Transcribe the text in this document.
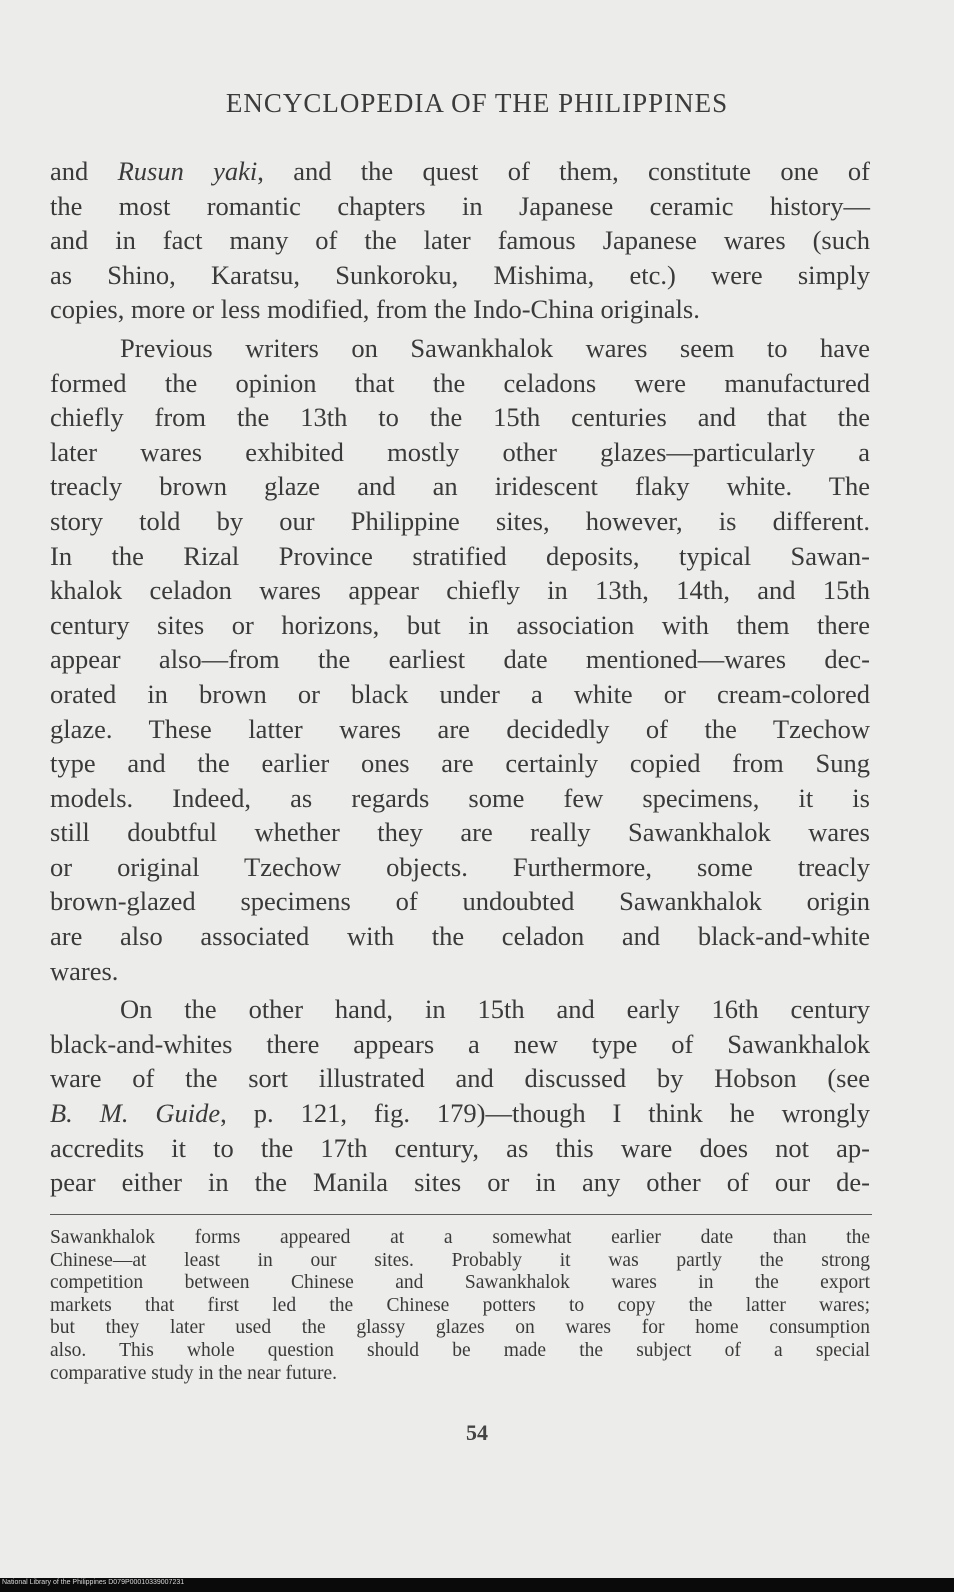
ENCYCLOPEDIA OF THE PHILIPPINES
and Rusun yaki, and the quest of them, constitute one of
the most romantic chapters in Japanese ceramic history—
and in fact many of the later famous Japanese wares (such
as Shino, Karatsu, Sunkoroku, Mishima, etc.) were simply
copies, more or less modified, from the Indo-China originals.
Previous writers on Sawankhalok wares seem to have
formed the opinion that the celadons were manufactured
chiefly from the 13th to the 15th centuries and that the
later wares exhibited mostly other glazes—particularly a
treacly brown glaze and an iridescent flaky white. The
story told by our Philippine sites, however, is different.
In the Rizal Province stratified deposits, typical Sawan-
khalok celadon wares appear chiefly in 13th, 14th, and 15th
century sites or horizons, but in association with them there
appear also—from the earliest date mentioned—wares dec-
orated in brown or black under a white or cream-colored
glaze. These latter wares are decidedly of the Tzechow
type and the earlier ones are certainly copied from Sung
models. Indeed, as regards some few specimens, it is
still doubtful whether they are really Sawankhalok wares
or original Tzechow objects. Furthermore, some treacly
brown-glazed specimens of undoubted Sawankhalok origin
are also associated with the celadon and black-and-white
wares.
On the other hand, in 15th and early 16th century
black-and-whites there appears a new type of Sawankhalok
ware of the sort illustrated and discussed by Hobson (see
B. M. Guide, p. 121, fig. 179)—though I think he wrongly
accredits it to the 17th century, as this ware does not ap-
pear either in the Manila sites or in any other of our de-
Sawankhalok forms appeared at a somewhat earlier date than the
Chinese—at least in our sites. Probably it was partly the strong
competition between Chinese and Sawankhalok wares in the export
markets that first led the Chinese potters to copy the latter wares;
but they later used the glassy glazes on wares for home consumption
also. This whole question should be made the subject of a special
comparative study in the near future.
54
National Library of the Philippines D079P00010339007231
